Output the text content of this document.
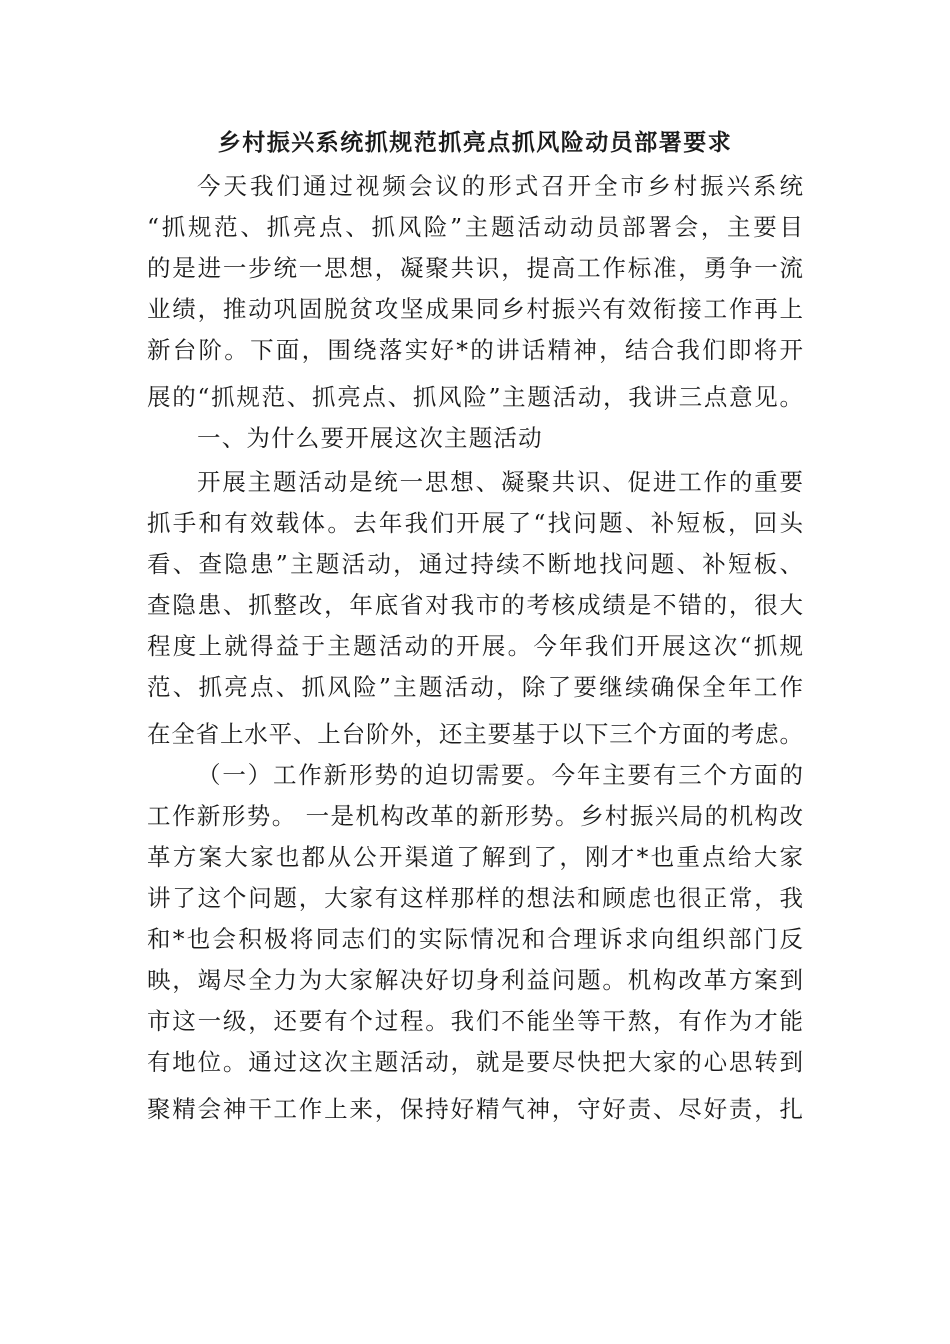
乡村振兴系统抓规范抓亮点抓风险动员部署要求
今天我们通过视频会议的形式召开全市乡村振兴系统
“抓规范、抓亮点、抓风险”主题活动动员部署会，主要目
的是进一步统一思想，凝聚共识，提高工作标准，勇争一流
业绩，推动巩固脱贫攻坚成果同乡村振兴有效衔接工作再上
新台阶。下面，围绕落实好*的讲话精神，结合我们即将开
展的“抓规范、抓亮点、抓风险”主题活动，我讲三点意见。
一、为什么要开展这次主题活动
开展主题活动是统一思想、凝聚共识、促进工作的重要
抓手和有效载体。去年我们开展了“找问题、补短板，回头
看、查隐患”主题活动，通过持续不断地找问题、补短板、
查隐患、抓整改，年底省对我市的考核成绩是不错的，很大
程度上就得益于主题活动的开展。今年我们开展这次“抓规
范、抓亮点、抓风险”主题活动，除了要继续确保全年工作
在全省上水平、上台阶外，还主要基于以下三个方面的考虑。
（一）工作新形势的迫切需要。今年主要有三个方面的
工作新形势。 一是机构改革的新形势。乡村振兴局的机构改
革方案大家也都从公开渠道了解到了，刚才*也重点给大家
讲了这个问题，大家有这样那样的想法和顾虑也很正常，我
和*也会积极将同志们的实际情况和合理诉求向组织部门反
映，竭尽全力为大家解决好切身利益问题。机构改革方案到
市这一级，还要有个过程。我们不能坐等干熬，有作为才能
有地位。通过这次主题活动，就是要尽快把大家的心思转到
聚精会神干工作上来，保持好精气神，守好责、尽好责，扎
